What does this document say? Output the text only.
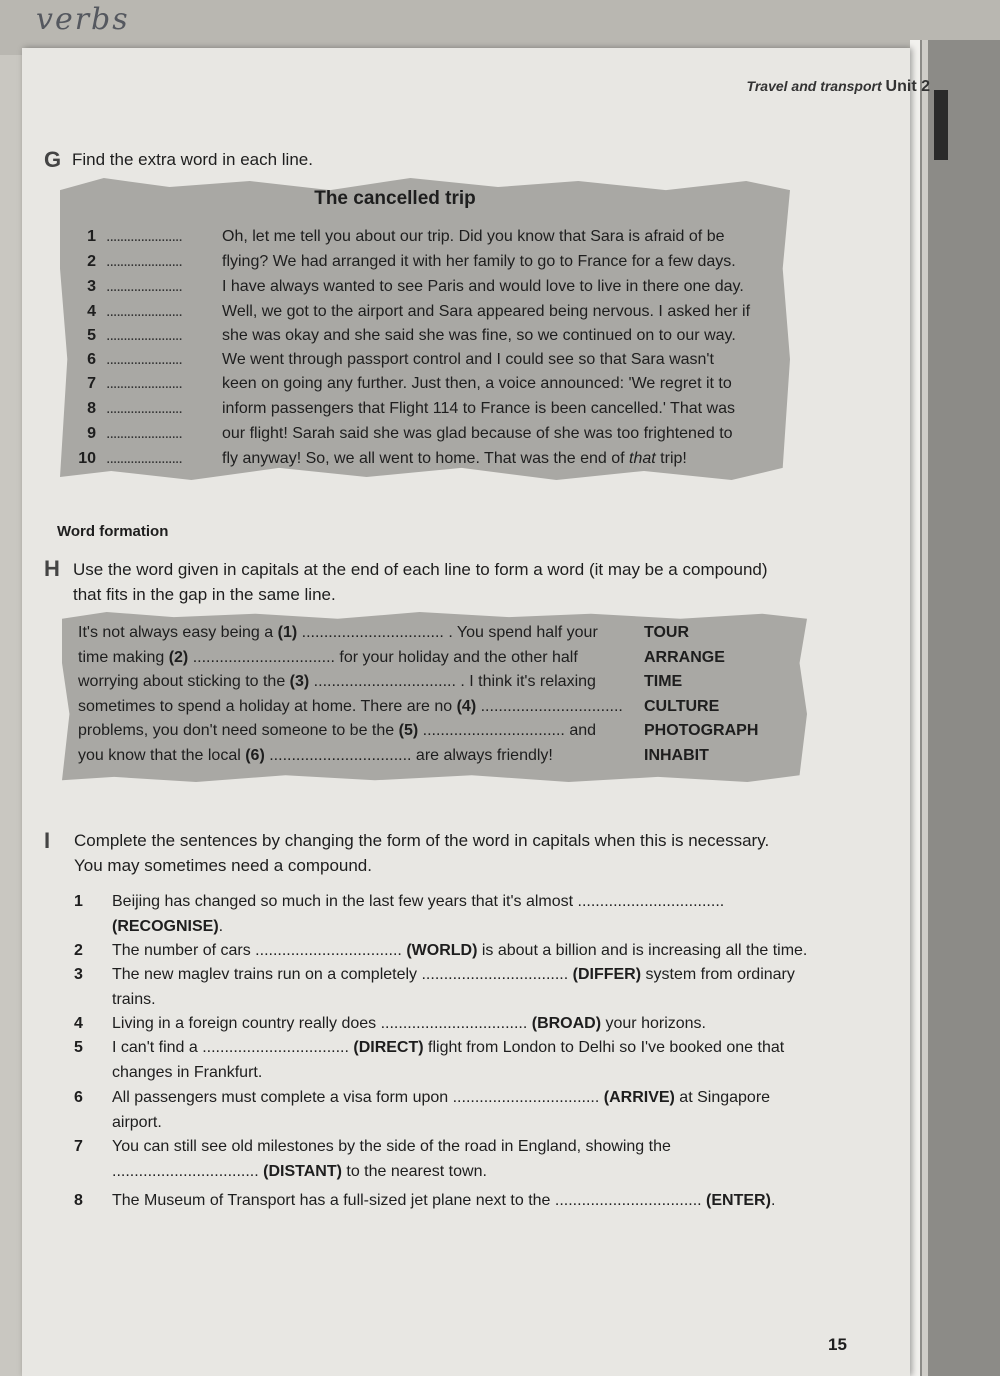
verbs
Travel and transport Unit 2
G Find the extra word in each line.
The cancelled trip
1 ......................	Oh, let me tell you about our trip. Did you know that Sara is afraid of be
2 ......................	flying? We had arranged it with her family to go to France for a few days.
3 ......................	I have always wanted to see Paris and would love to live in there one day.
4 ......................	Well, we got to the airport and Sara appeared being nervous. I asked her if
5 ......................	she was okay and she said she was fine, so we continued on to our way.
6 ......................	We went through passport control and I could see so that Sara wasn't
7 ......................	keen on going any further. Just then, a voice announced: 'We regret it to
8 ......................	inform passengers that Flight 114 to France is been cancelled.' That was
9 ......................	our flight! Sarah said she was glad because of she was too frightened to
10 ......................	fly anyway! So, we all went to home. That was the end of that trip!
Word formation
H Use the word given in capitals at the end of each line to form a word (it may be a compound) that fits in the gap in the same line.
It's not always easy being a (1) ................................ . You spend half your	TOUR
time making (2) ................................ for your holiday and the other half	ARRANGE
worrying about sticking to the (3) ................................ . I think it's relaxing	TIME
sometimes to spend a holiday at home. There are no (4) ................................ CULTURE
problems, you don't need someone to be the (5) ................................ and	PHOTOGRAPH
you know that the local (6) ................................ are always friendly!	INHABIT
I Complete the sentences by changing the form of the word in capitals when this is necessary. You may sometimes need a compound.
1 Beijing has changed so much in the last few years that it's almost ................................. (RECOGNISE).
2 The number of cars ................................. (WORLD) is about a billion and is increasing all the time.
3 The new maglev trains run on a completely ................................. (DIFFER) system from ordinary trains.
4 Living in a foreign country really does ................................. (BROAD) your horizons.
5 I can't find a ................................. (DIRECT) flight from London to Delhi so I've booked one that changes in Frankfurt.
6 All passengers must complete a visa form upon ................................. (ARRIVE) at Singapore airport.
7 You can still see old milestones by the side of the road in England, showing the ................................. (DISTANT) to the nearest town.
8 The Museum of Transport has a full-sized jet plane next to the ................................. (ENTER).
15
